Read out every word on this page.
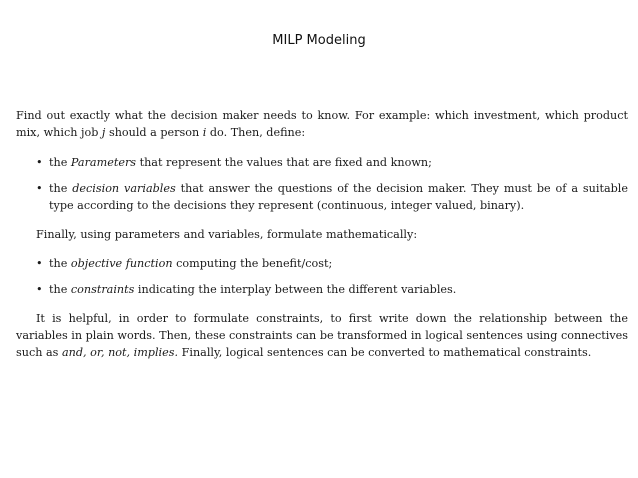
MILP Modeling

Find out exactly what the decision maker needs to know. For example: which investment, which product mix, which job j should a person i do. Then, define:

• the Parameters that represent the values that are fixed and known;
• the decision variables that answer the questions of the decision maker. They must be of a suitable type according to the decisions they represent (continuous, integer valued, binary).

Finally, using parameters and variables, formulate mathematically:

• the objective function computing the benefit/cost;
• the constraints indicating the interplay between the different variables.

It is helpful, in order to formulate constraints, to first write down the relationship between the variables in plain words. Then, these constraints can be transformed in logical sentences using connectives such as and, or, not, implies. Finally, logical sentences can be converted to mathematical constraints.
